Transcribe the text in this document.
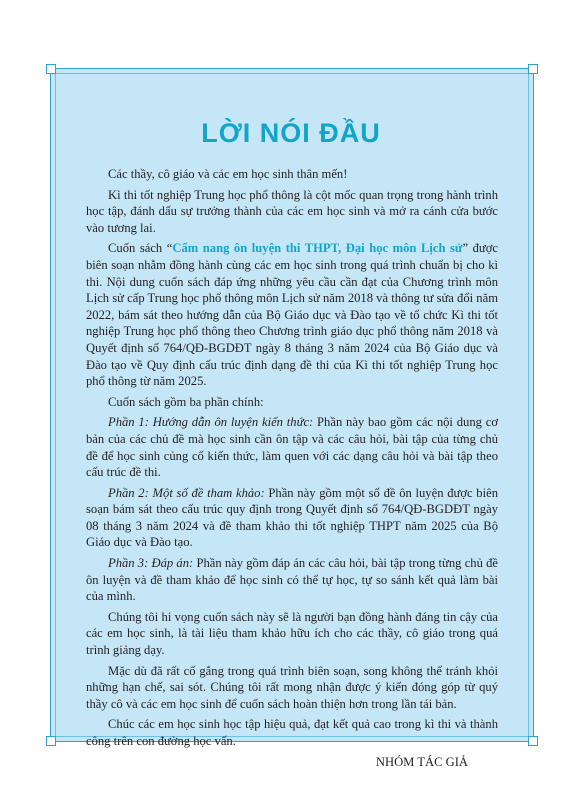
LỜI NÓI ĐẦU

Các thầy, cô giáo và các em học sinh thân mến!

Kì thi tốt nghiệp Trung học phổ thông là cột mốc quan trọng trong hành trình học tập, đánh dấu sự trưởng thành của các em học sinh và mở ra cánh cửa bước vào tương lai.

Cuốn sách “Cẩm nang ôn luyện thi THPT, Đại học môn Lịch sử” được biên soạn nhằm đồng hành cùng các em học sinh trong quá trình chuẩn bị cho kì thi. Nội dung cuốn sách đáp ứng những yêu cầu cần đạt của Chương trình môn Lịch sử cấp Trung học phổ thông môn Lịch sử năm 2018 và thông tư sửa đổi năm 2022, bám sát theo hướng dẫn của Bộ Giáo dục và Đào tạo về tổ chức Kì thi tốt nghiệp Trung học phổ thông theo Chương trình giáo dục phổ thông năm 2018 và Quyết định số 764/QĐ-BGDĐT ngày 8 tháng 3 năm 2024 của Bộ Giáo dục và Đào tạo về Quy định cấu trúc định dạng đề thi của Kì thi tốt nghiệp Trung học phổ thông từ năm 2025.

Cuốn sách gồm ba phần chính:

Phần 1: Hướng dẫn ôn luyện kiến thức: Phần này bao gồm các nội dung cơ bản của các chủ đề mà học sinh cần ôn tập và các câu hỏi, bài tập của từng chủ đề để học sinh củng cố kiến thức, làm quen với các dạng câu hỏi và bài tập theo cấu trúc đề thi.

Phần 2: Một số đề tham khảo: Phần này gồm một số đề ôn luyện được biên soạn bám sát theo cấu trúc quy định trong Quyết định số 764/QĐ-BGDĐT ngày 08 tháng 3 năm 2024 và đề tham khảo thi tốt nghiệp THPT năm 2025 của Bộ Giáo dục và Đào tạo.

Phần 3: Đáp án: Phần này gồm đáp án các câu hỏi, bài tập trong từng chủ đề ôn luyện và đề tham khảo để học sinh có thể tự học, tự so sánh kết quả làm bài của mình.

Chúng tôi hi vọng cuốn sách này sẽ là người bạn đồng hành đáng tin cậy của các em học sinh, là tài liệu tham khảo hữu ích cho các thầy, cô giáo trong quá trình giảng dạy.

Mặc dù đã rất cố gắng trong quá trình biên soạn, song không thể tránh khỏi những hạn chế, sai sót. Chúng tôi rất mong nhận được ý kiến đóng góp từ quý thầy cô và các em học sinh để cuốn sách hoàn thiện hơn trong lần tái bản.

Chúc các em học sinh học tập hiệu quả, đạt kết quả cao trong kì thi và thành công trên con đường học vấn.

NHÓM TÁC GIẢ
